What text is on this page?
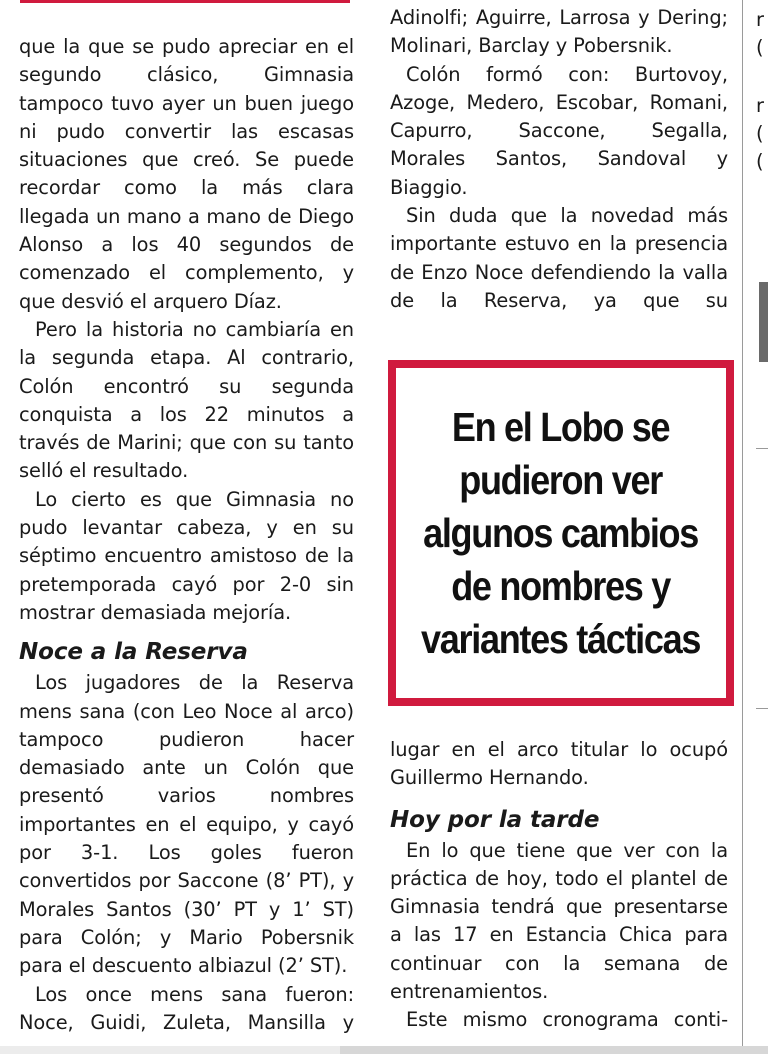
que la que se pudo apreciar en el segundo clásico, Gimnasia tampoco tuvo ayer un buen juego ni pudo convertir las escasas situaciones que creó. Se puede recordar como la más clara llegada un mano a mano de Diego Alonso a los 40 segundos de comenzado el complemento, y que desvió el arquero Díaz.

Pero la historia no cambiaría en la segunda etapa. Al contrario, Colón encontró su segunda conquista a los 22 minutos a través de Marini; que con su tanto selló el resultado.

Lo cierto es que Gimnasia no pudo levantar cabeza, y en su séptimo encuentro amistoso de la pretemporada cayó por 2-0 sin mostrar demasiada mejoría.

Noce a la Reserva

Los jugadores de la Reserva mens sana (con Leo Noce al arco) tampoco pudieron hacer demasiado ante un Colón que presentó varios nombres importantes en el equipo, y cayó por 3-1. Los goles fueron convertidos por Saccone (8’ PT), y Morales Santos (30’ PT y 1’ ST) para Colón; y Mario Pobersnik para el descuento albiazul (2’ ST).

Los once mens sana fueron: Noce, Guidi, Zuleta, Mansilla y

Adinolfi; Aguirre, Larrosa y Dering; Molinari, Barclay y Pobersnik.

Colón formó con: Burtovoy, Azoge, Medero, Escobar, Romani, Capurro, Saccone, Segalla, Morales Santos, Sandoval y Biaggio.

Sin duda que la novedad más importante estuvo en la presencia de Enzo Noce defendiendo la valla de la Reserva, ya que su

En el Lobo se
pudieron ver
algunos cambios
de nombres y
variantes tácticas

lugar en el arco titular lo ocupó Guillermo Hernando.

Hoy por la tarde

En lo que tiene que ver con la práctica de hoy, todo el plantel de Gimnasia tendrá que presentarse a las 17 en Estancia Chica para continuar con la semana de entrenamientos.

Este mismo cronograma conti-

r
(
r
(
(
